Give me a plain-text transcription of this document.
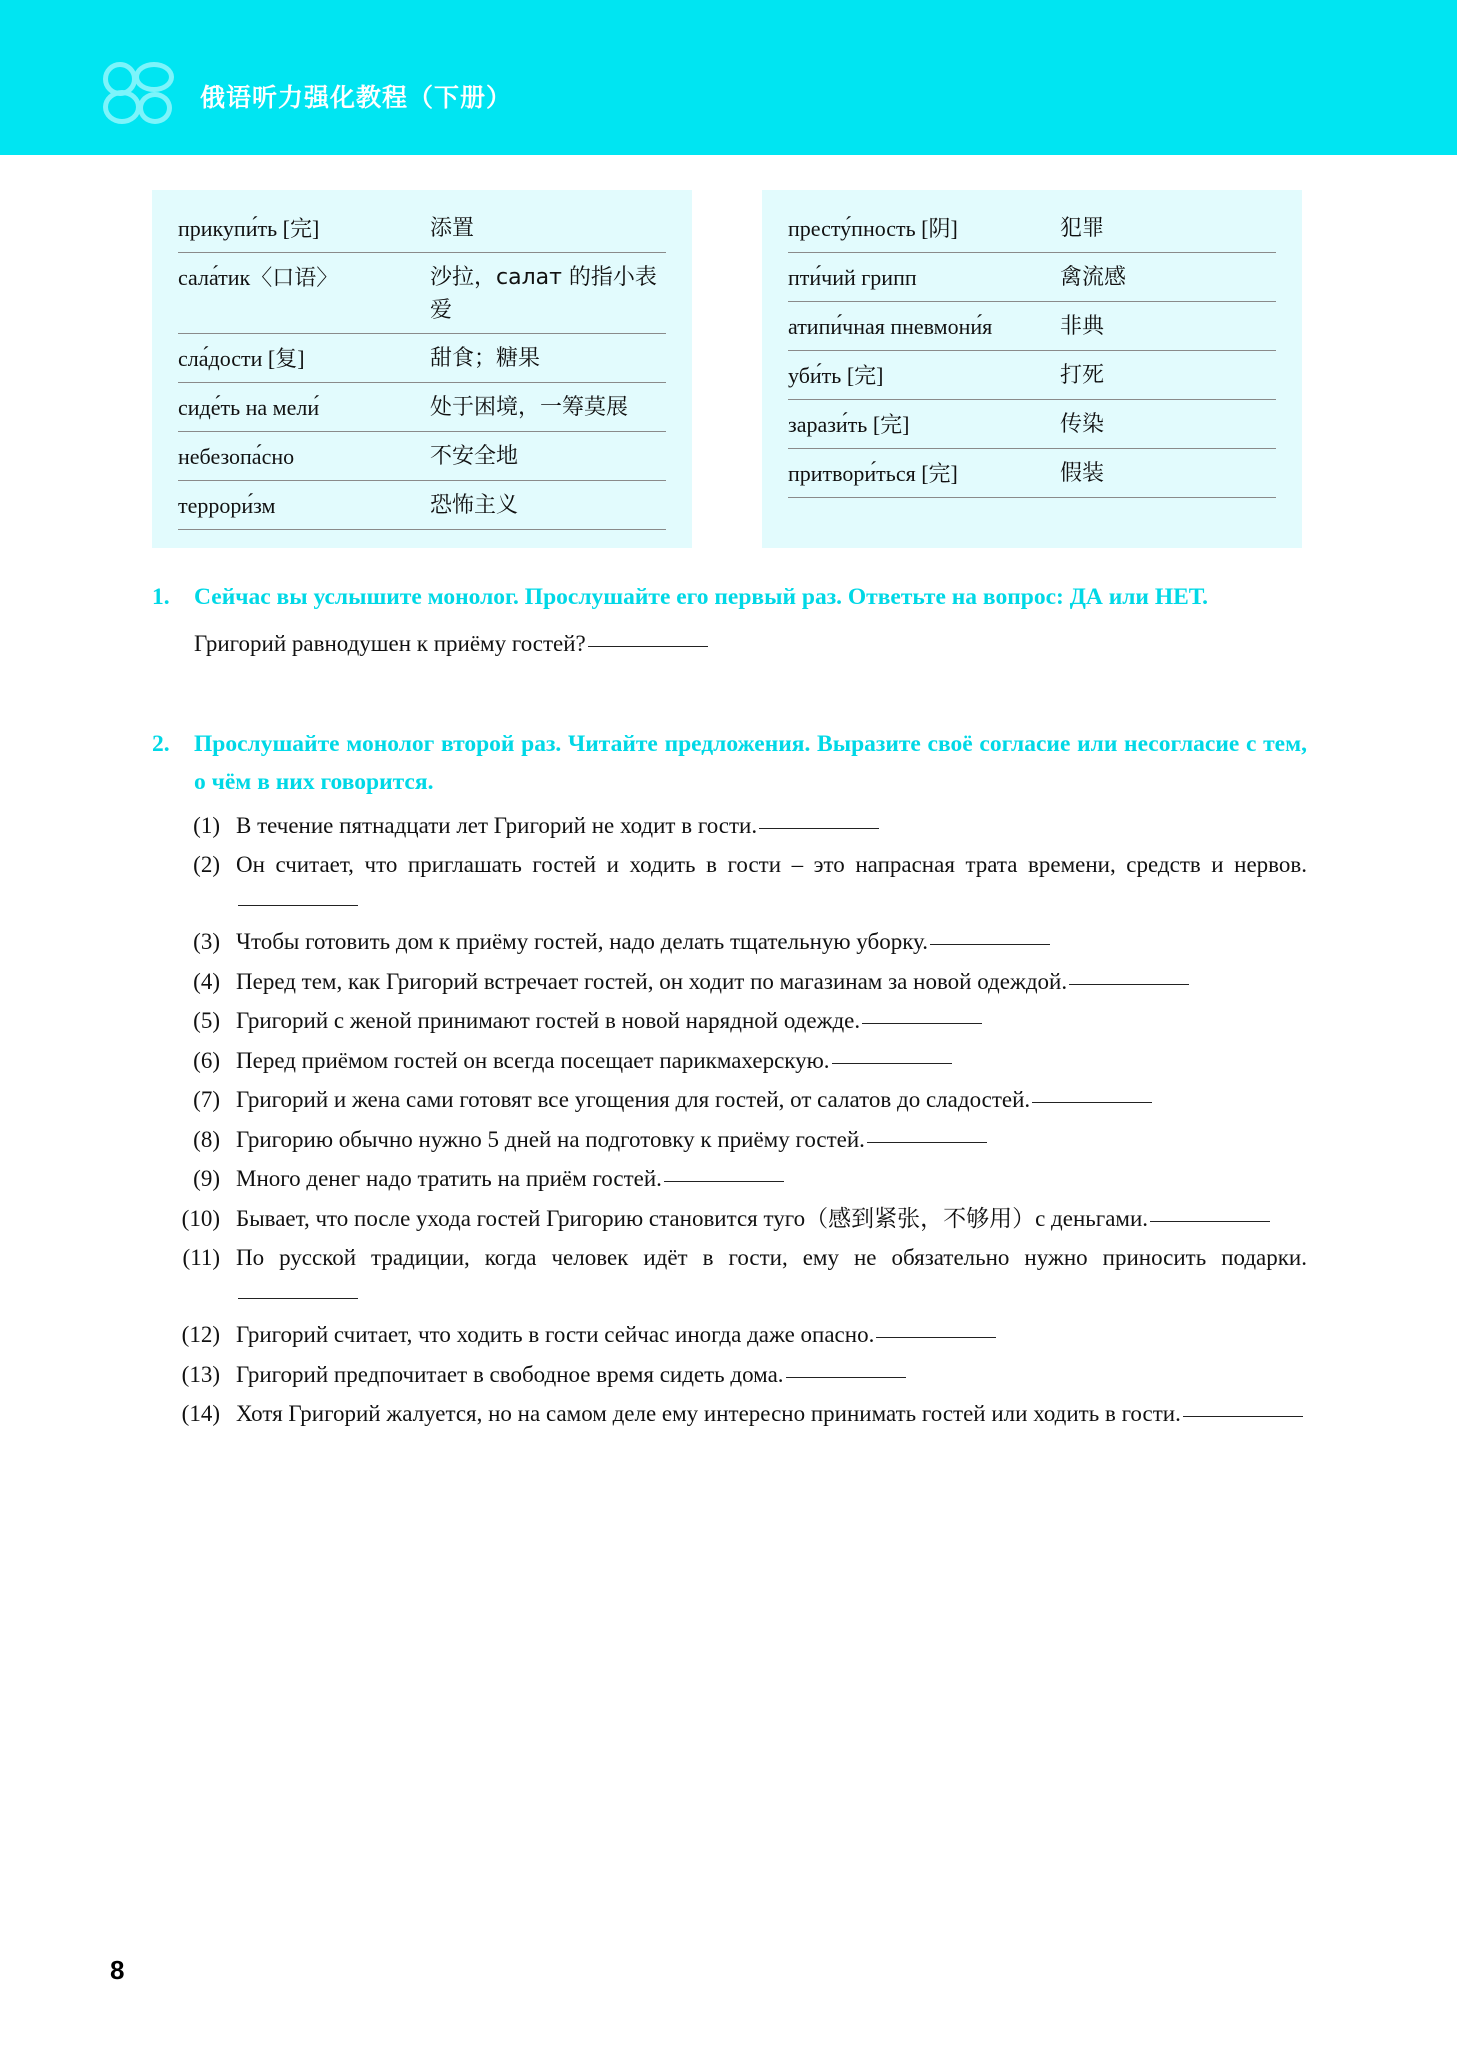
俄语听力强化教程（下册）
прикупи́ть [完]	添置
сала́тик〈口语〉	沙拉，салат 的指小表爱
сла́дости [复]	甜食；糖果
сиде́ть на мели́	处于困境，一筹莫展
небезопа́сно	不安全地
террори́зм	恐怖主义
престу́пность [阴]	犯罪
пти́чий грипп	禽流感
атипи́чная пневмони́я	非典
уби́ть [完]	打死
зарази́ть [完]	传染
притвори́ться [完]	假装
1.	Сейчас вы услышите монолог. Прослушайте его первый раз. Ответьте на вопрос: ДА или НЕТ.
Григорий равнодушен к приёму гостей?
2.	Прослушайте монолог второй раз. Читайте предложения. Выразите своё согласие или несогласие с тем, о чём в них говорится.
(1) В течение пятнадцати лет Григорий не ходит в гости.
(2) Он считает, что приглашать гостей и ходить в гости – это напрасная трата времени, средств и нервов.
(3) Чтобы готовить дом к приёму гостей, надо делать тщательную уборку.
(4) Перед тем, как Григорий встречает гостей, он ходит по магазинам за новой одеждой.
(5) Григорий с женой принимают гостей в новой нарядной одежде.
(6) Перед приёмом гостей он всегда посещает парикмахерскую.
(7) Григорий и жена сами готовят все угощения для гостей, от салатов до сладостей.
(8) Григорию обычно нужно 5 дней на подготовку к приёму гостей.
(9) Много денег надо тратить на приём гостей.
(10) Бывает, что после ухода гостей Григорию становится туго（感到紧张，不够用）с деньгами.
(11) По русской традиции, когда человек идёт в гости, ему не обязательно нужно приносить подарки.
(12) Григорий считает, что ходить в гости сейчас иногда даже опасно.
(13) Григорий предпочитает в свободное время сидеть дома.
(14) Хотя Григорий жалуется, но на самом деле ему интересно принимать гостей или ходить в гости.
8
